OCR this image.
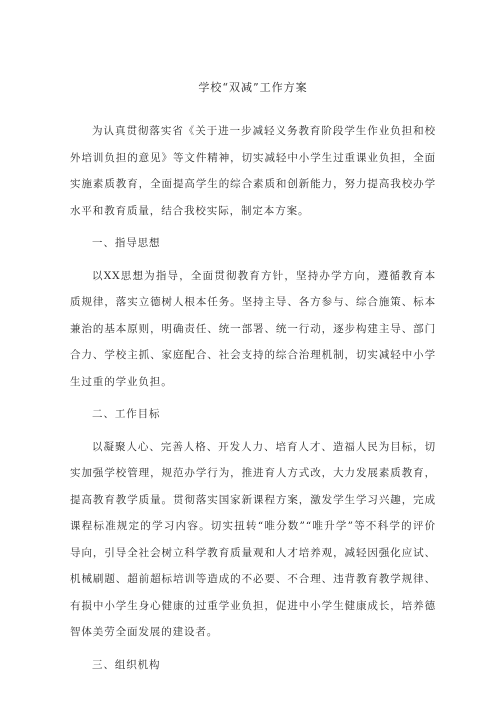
学校“双减”工作方案

为认真贯彻落实省《关于进一步减轻义务教育阶段学生作业负担和校外培训负担的意见》等文件精神，切实减轻中小学生过重课业负担，全面实施素质教育，全面提高学生的综合素质和创新能力，努力提高我校办学水平和教育质量，结合我校实际，制定本方案。

一、指导思想

以XX思想为指导，全面贯彻教育方针，坚持办学方向，遵循教育本质规律，落实立德树人根本任务。坚持主导、各方参与、综合施策、标本兼治的基本原则，明确责任、统一部署、统一行动，逐步构建主导、部门合力、学校主抓、家庭配合、社会支持的综合治理机制，切实减轻中小学生过重的学业负担。

二、工作目标

以凝聚人心、完善人格、开发人力、培育人才、造福人民为目标，切实加强学校管理，规范办学行为，推进育人方式改，大力发展素质教育，提高教育教学质量。贯彻落实国家新课程方案，激发学生学习兴趣，完成课程标准规定的学习内容。切实扭转“唯分数”“唯升学”等不科学的评价导向，引导全社会树立科学教育质量观和人才培养观，减轻因强化应试、机械刷题、超前超标培训等造成的不必要、不合理、违背教育教学规律、有损中小学生身心健康的过重学业负担，促进中小学生健康成长，培养德智体美劳全面发展的建设者。

三、组织机构
